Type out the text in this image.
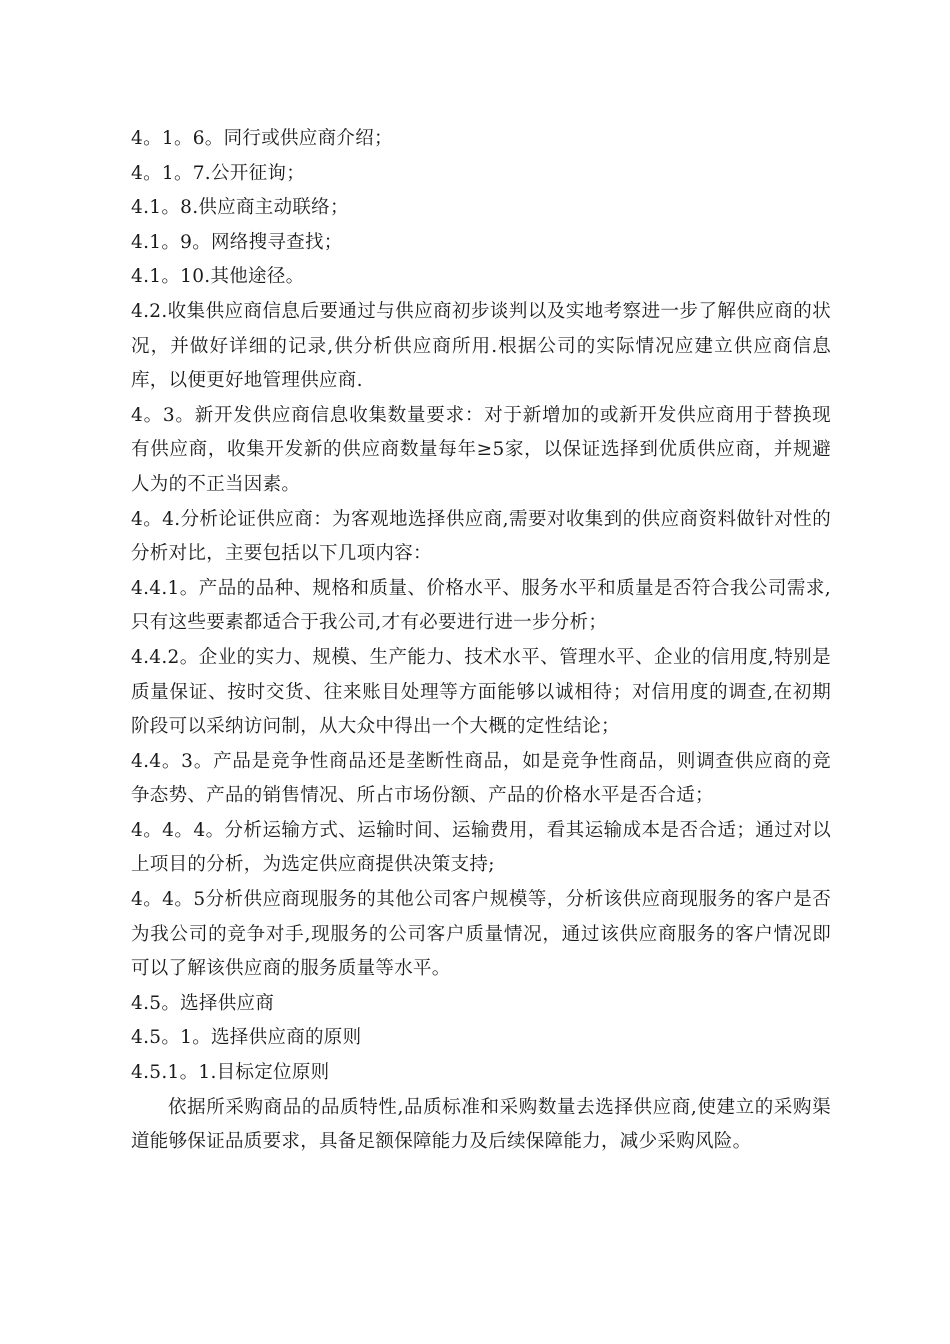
4。1。6。同行或供应商介绍；

4。1。7.公开征询；

4.1。8.供应商主动联络；

4.1。9。网络搜寻查找；

4.1。10.其他途径。

4.2.收集供应商信息后要通过与供应商初步谈判以及实地考察进一步了解供应商的状况，并做好详细的记录,供分析供应商所用.根据公司的实际情况应建立供应商信息库，以便更好地管理供应商.

4。3。新开发供应商信息收集数量要求：对于新增加的或新开发供应商用于替换现有供应商，收集开发新的供应商数量每年≥5家，以保证选择到优质供应商，并规避人为的不正当因素。

4。4.分析论证供应商：为客观地选择供应商,需要对收集到的供应商资料做针对性的分析对比，主要包括以下几项内容：

4.4.1。产品的品种、规格和质量、价格水平、服务水平和质量是否符合我公司需求,只有这些要素都适合于我公司,才有必要进行进一步分析；

4.4.2。企业的实力、规模、生产能力、技术水平、管理水平、企业的信用度,特别是质量保证、按时交货、往来账目处理等方面能够以诚相待；对信用度的调查,在初期阶段可以采纳访问制，从大众中得出一个大概的定性结论；

4.4。3。产品是竞争性商品还是垄断性商品，如是竞争性商品，则调查供应商的竞争态势、产品的销售情况、所占市场份额、产品的价格水平是否合适；

4。4。4。分析运输方式、运输时间、运输费用，看其运输成本是否合适；通过对以上项目的分析，为选定供应商提供决策支持;

4。4。5分析供应商现服务的其他公司客户规模等，分析该供应商现服务的客户是否为我公司的竞争对手,现服务的公司客户质量情况，通过该供应商服务的客户情况即可以了解该供应商的服务质量等水平。

4.5。选择供应商

4.5。1。选择供应商的原则

4.5.1。1.目标定位原则

依据所采购商品的品质特性,品质标准和采购数量去选择供应商,使建立的采购渠道能够保证品质要求，具备足额保障能力及后续保障能力，减少采购风险。
